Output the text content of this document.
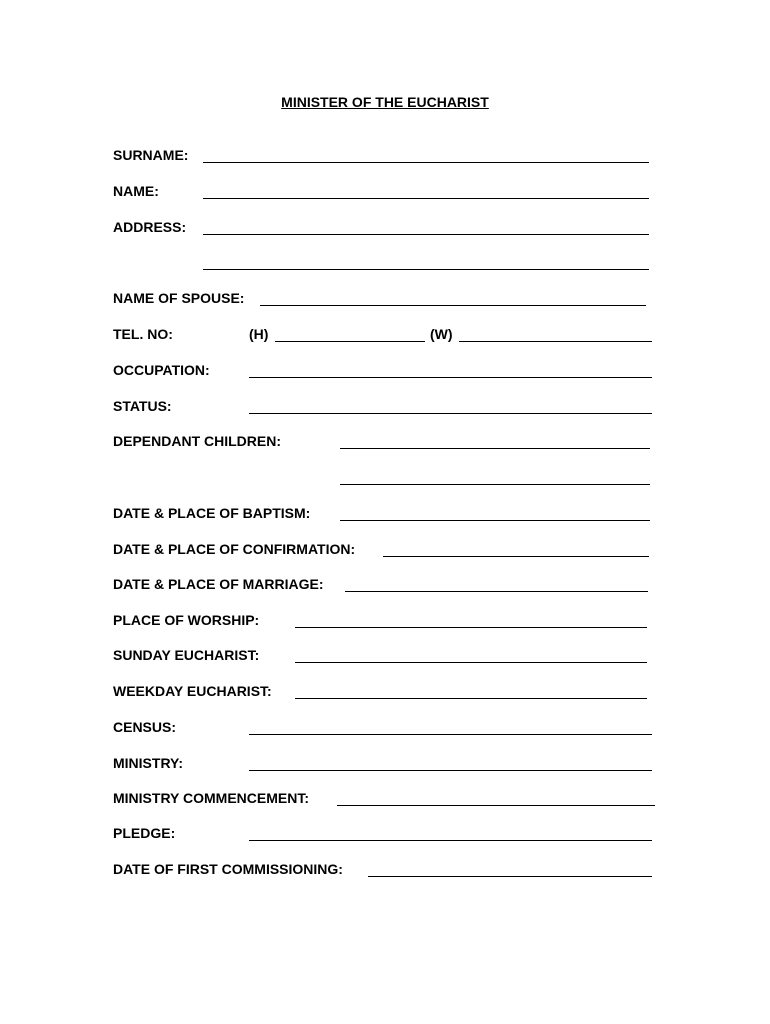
MINISTER OF THE EUCHARIST
SURNAME:
NAME:
ADDRESS:
NAME OF SPOUSE:
TEL. NO:	(H)	(W)
OCCUPATION:
STATUS:
DEPENDANT CHILDREN:
DATE & PLACE OF BAPTISM:
DATE & PLACE OF CONFIRMATION:
DATE & PLACE OF MARRIAGE:
PLACE OF WORSHIP:
SUNDAY EUCHARIST:
WEEKDAY EUCHARIST:
CENSUS:
MINISTRY:
MINISTRY COMMENCEMENT:
PLEDGE:
DATE OF FIRST COMMISSIONING:
